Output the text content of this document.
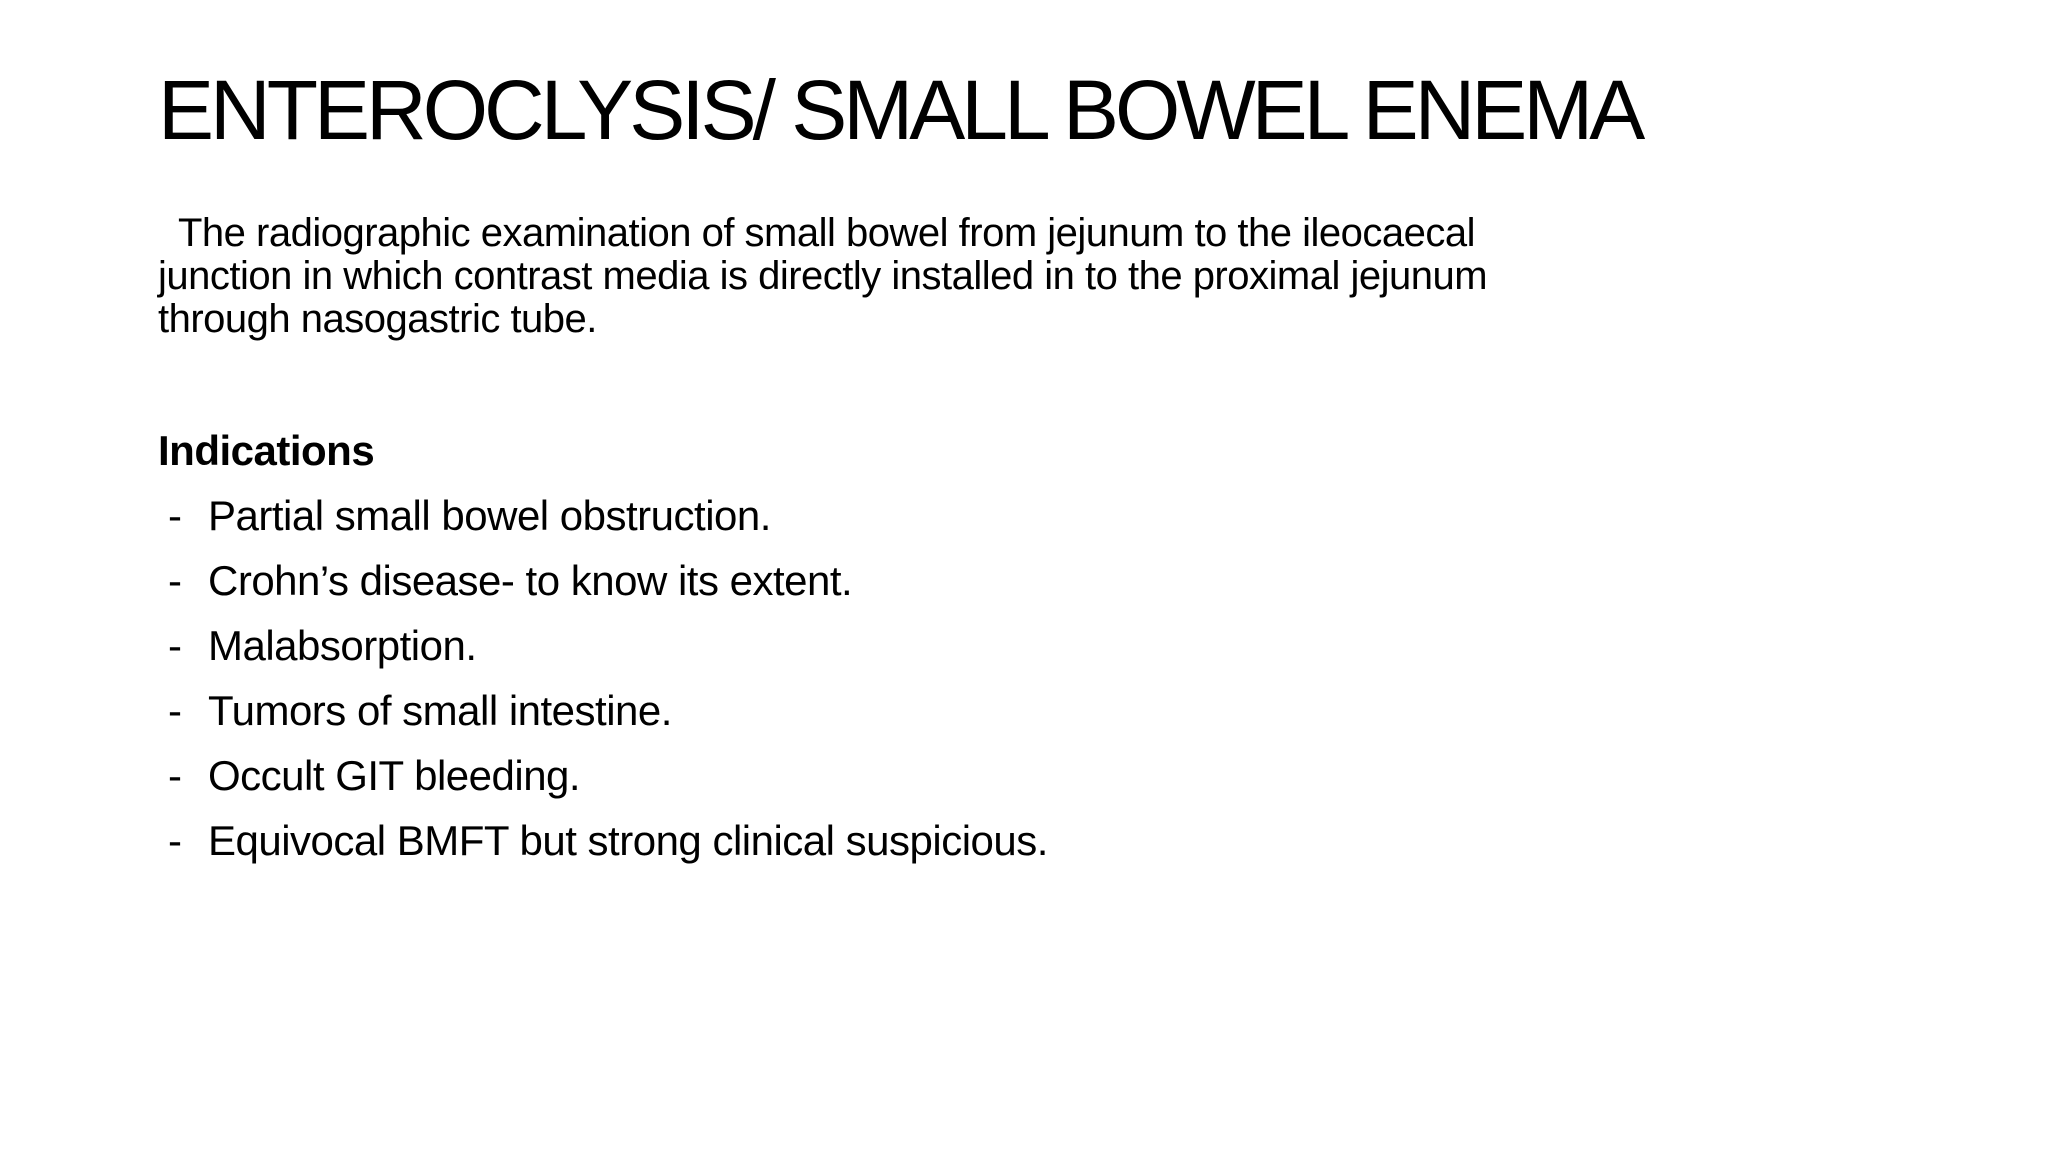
ENTEROCLYSIS/ SMALL BOWEL ENEMA

The radiographic examination of small bowel from jejunum to the ileocaecal
junction in which contrast media is directly installed in to the proximal jejunum
through nasogastric tube.

Indications
- Partial small bowel obstruction.
- Crohn’s disease- to know its extent.
- Malabsorption.
- Tumors of small intestine.
- Occult GIT bleeding.
- Equivocal BMFT but strong clinical suspicious.
